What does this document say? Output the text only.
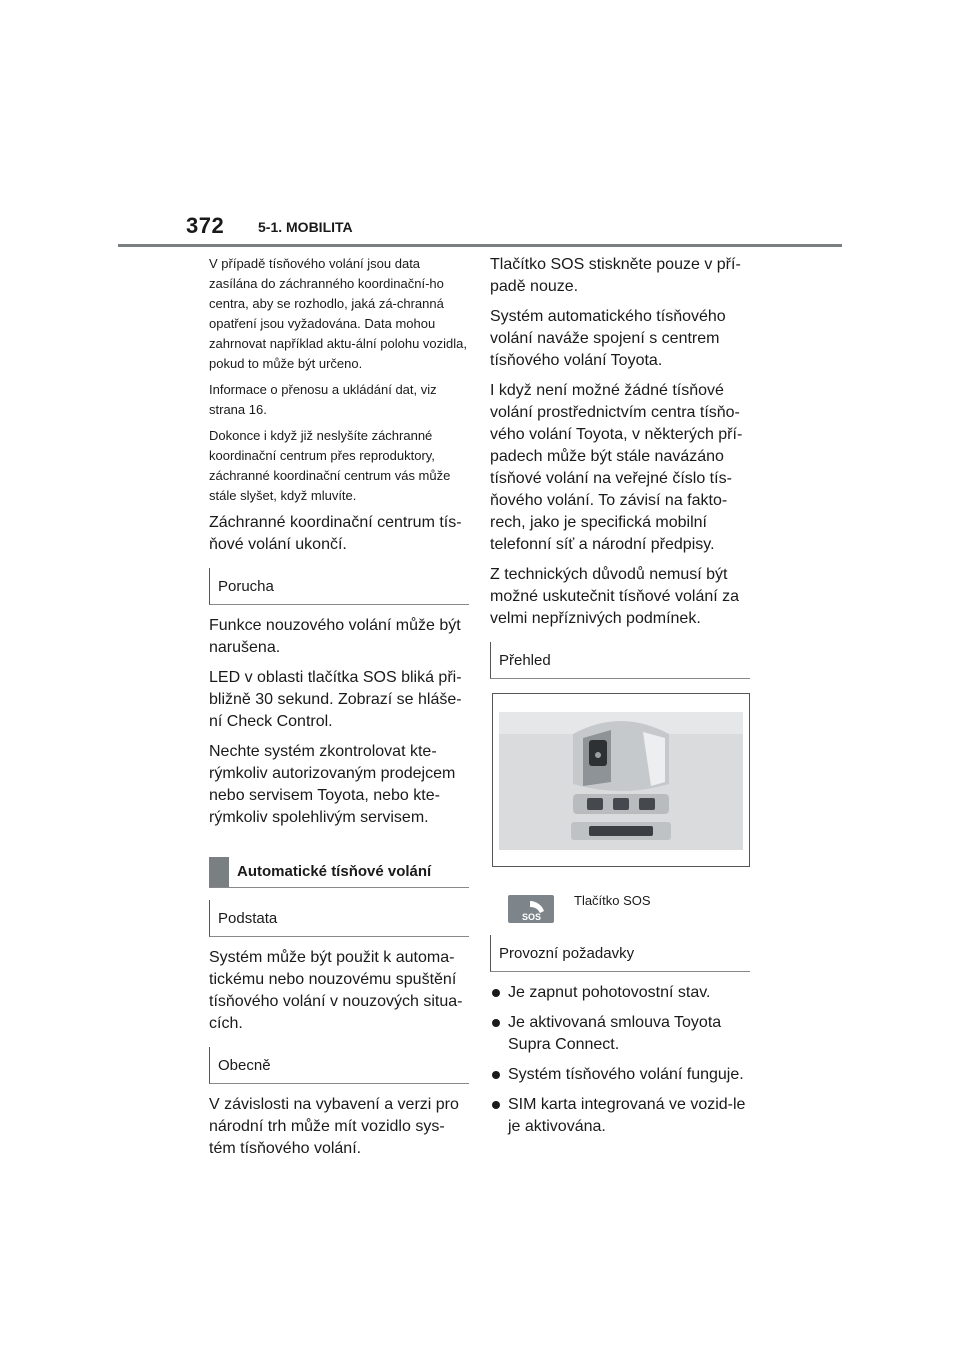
372 5-1. MOBILITA

V případě tísňového volání jsou data zasílána do záchranného koordinační-ho centra, aby se rozhodlo, jaká zá-chranná opatření jsou vyžadována. Data mohou zahrnovat například aktu-ální polohu vozidla, pokud to může být určeno.

Informace o přenosu a ukládání dat, viz strana 16.

Dokonce i když již neslyšíte záchranné koordinační centrum přes reproduktory, záchranné koordinační centrum vás může stále slyšet, když mluvíte.

Záchranné koordinační centrum tís-ňové volání ukončí.

Porucha

Funkce nouzového volání může být narušena.

LED v oblasti tlačítka SOS bliká při-bližně 30 sekund. Zobrazí se hláše-ní Check Control.

Nechte systém zkontrolovat kte-rýmkoliv autorizovaným prodejcem nebo servisem Toyota, nebo kte-rýmkoliv spolehlivým servisem.

Automatické tísňové volání
Podstata

Systém může být použit k automa-tickému nebo nouzovému spuštění tísňového volání v nouzových situa-cích.

Obecně

V závislosti na vybavení a verzi pro národní trh může mít vozidlo sys-tém tísňového volání.

Tlačítko SOS stiskněte pouze v pří-padě nouze.

Systém automatického tísňového volání naváže spojení s centrem tísňového volání Toyota.

I když není možné žádné tísňové volání prostřednictvím centra tísňo-vého volání Toyota, v některých pří-padech může být stále navázáno tísňové volání na veřejné číslo tís-ňového volání. To závisí na fakto-rech, jako je specifická mobilní telefonní síť a národní předpisy.

Z technických důvodů nemusí být možné uskutečnit tísňové volání za velmi nepříznivých podmínek.

Přehled
SOS
Tlačítko SOS
Provozní požadavky
Je zapnut pohotovostní stav.
Je aktivovaná smlouva Toyota Supra Connect.
Systém tísňového volání funguje.
SIM karta integrovaná ve vozid-le je aktivována.
